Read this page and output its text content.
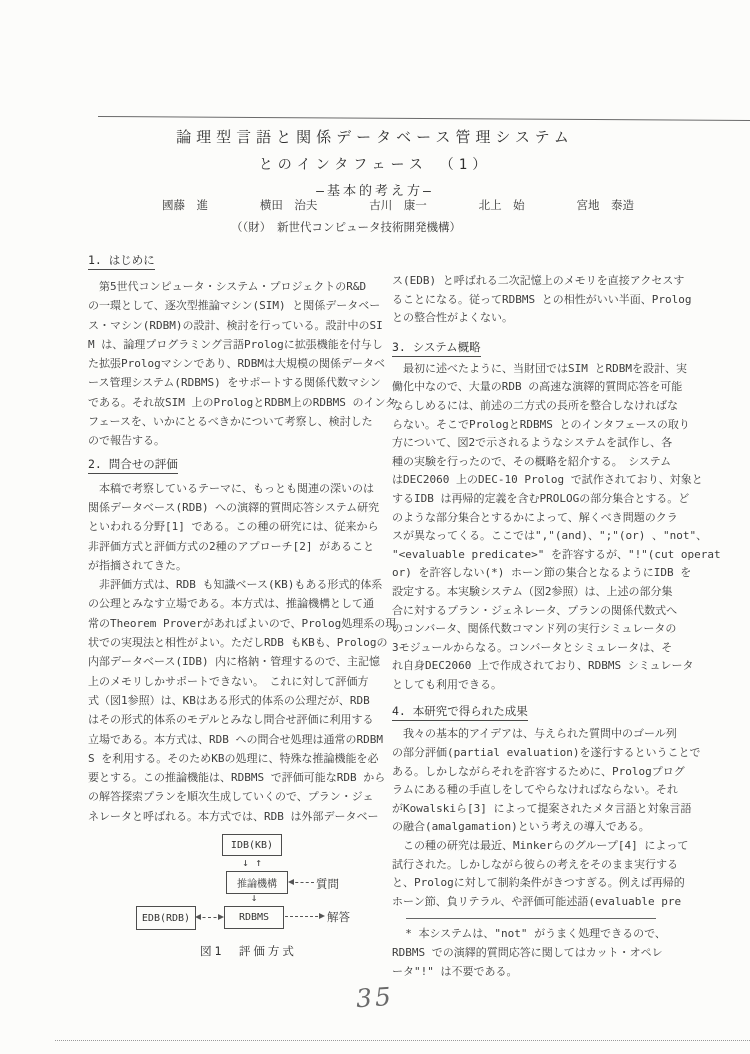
論理型言語と関係データベース管理システム
とのインタフェース　（1）
―基本的考え方―
國藤　進	横田　治夫	古川　康一	北上　始	宮地　泰造
（（財）　新世代コンピュータ技術開発機構）
1. はじめに
　第5世代コンピュータ・システム・プロジェクトのR&D
の一環として、逐次型推論マシン(SIM) と関係データベー
ス・マシン(RDBM)の設計、検討を行っている。設計中のSI
M は、論理プログラミング言語Prologに拡張機能を付与し
た拡張Prologマシンであり、RDBMは大規模の関係データベ
ース管理システム(RDBMS) をサポートする関係代数マシン
である。それ故SIM 上のPrologとRDBM上のRDBMS のインタ
フェースを、いかにとるべきかについて考察し、検討した
ので報告する。
2. 問合せの評価
　本稿で考察しているテーマに、もっとも関連の深いのは
関係データベース(RDB) への演繹的質問応答システム研究
といわれる分野[1] である。この種の研究には、従来から
非評価方式と評価方式の2種のアプローチ[2] があること
が指摘されてきた。
　非評価方式は、RDB も知識ベース(KB)もある形式的体系
の公理とみなす立場である。本方式は、推論機構として通
常のTheorem Proverがあればよいので、Prolog処理系の現
状での実現法と相性がよい。ただしRDB もKBも、Prologの
内部データベース(IDB) 内に格納・管理するので、主記憶
上のメモリしかサポートできない。　これに対して評価方
式（図1参照）は、KBはある形式的体系の公理だが、RDB
はその形式的体系のモデルとみなし問合せ評価に利用する
立場である。本方式は、RDB への問合せ処理は通常のRDBM
S を利用する。そのためKBの処理に、特殊な推論機能を必
要とする。この推論機能は、RDBMS で評価可能なRDB から
の解答探索プランを順次生成していくので、プラン・ジェ
ネレータと呼ばれる。本方式では、RDB は外部データベー
ス(EDB) と呼ばれる二次記憶上のメモリを直接アクセスす
ることになる。従ってRDBMS との相性がいい半面、Prolog
との整合性がよくない。
3. システム概略
　最初に述べたように、当財団ではSIM とRDBMを設計、実
働化中なので、大量のRDB の高速な演繹的質問応答を可能
ならしめるには、前述の二方式の長所を整合しなければな
らない。そこでPrologとRDBMS とのインタフェースの取り
方について、図2で示されるようなシステムを試作し、各
種の実験を行ったので、その概略を紹介する。　システム
はDEC2060 上のDEC-10 Prolog で試作されており、対象と
するIDB は再帰的定義を含むPROLOGの部分集合とする。ど
のような部分集合とするかによって、解くべき問題のクラ
スが異なってくる。ここでは","(and)、";"(or) 、"not"、
"<evaluable predicate>" を許容するが、"!"(cut operat
or) を許容しない(*) ホーン節の集合となるようにIDB を
設定する。本実験システム（図2参照）は、上述の部分集
合に対するプラン・ジェネレータ、プランの関係代数式へ
のコンバータ、関係代数コマンド列の実行シミュレータの
3モジュールからなる。コンバータとシミュレータは、そ
れ自身DEC2060 上で作成されており、RDBMS シミュレータ
としても利用できる。
4. 本研究で得られた成果
　我々の基本的アイデアは、与えられた質問中のゴール列
の部分評価(partial evaluation)を遂行するということで
ある。しかしながらそれを許容するために、Prologプログ
ラムにある種の手直しをしてやらなければならない。それ
がKowalskiら[3] によって提案されたメタ言語と対象言語
の融合(amalgamation)という考えの導入である。
　この種の研究は最近、Minkerらのグループ[4] によって
試行された。しかしながら彼らの考えをそのまま実行する
と、Prologに対して制約条件がきつすぎる。例えば再帰的
ホーン節、負リテラル、や評価可能述語(evaluable pre
* 本システムは、"not" がうまく処理できるので、
RDBMS での演繹的質問応答に関してはカット・オペレ
ータ"!" は不要である。
IDB(KB)
↓ ↑
推論機構	質問
↓
EDB(RDB)	RDBMS	解答
図1　評価方式
35
